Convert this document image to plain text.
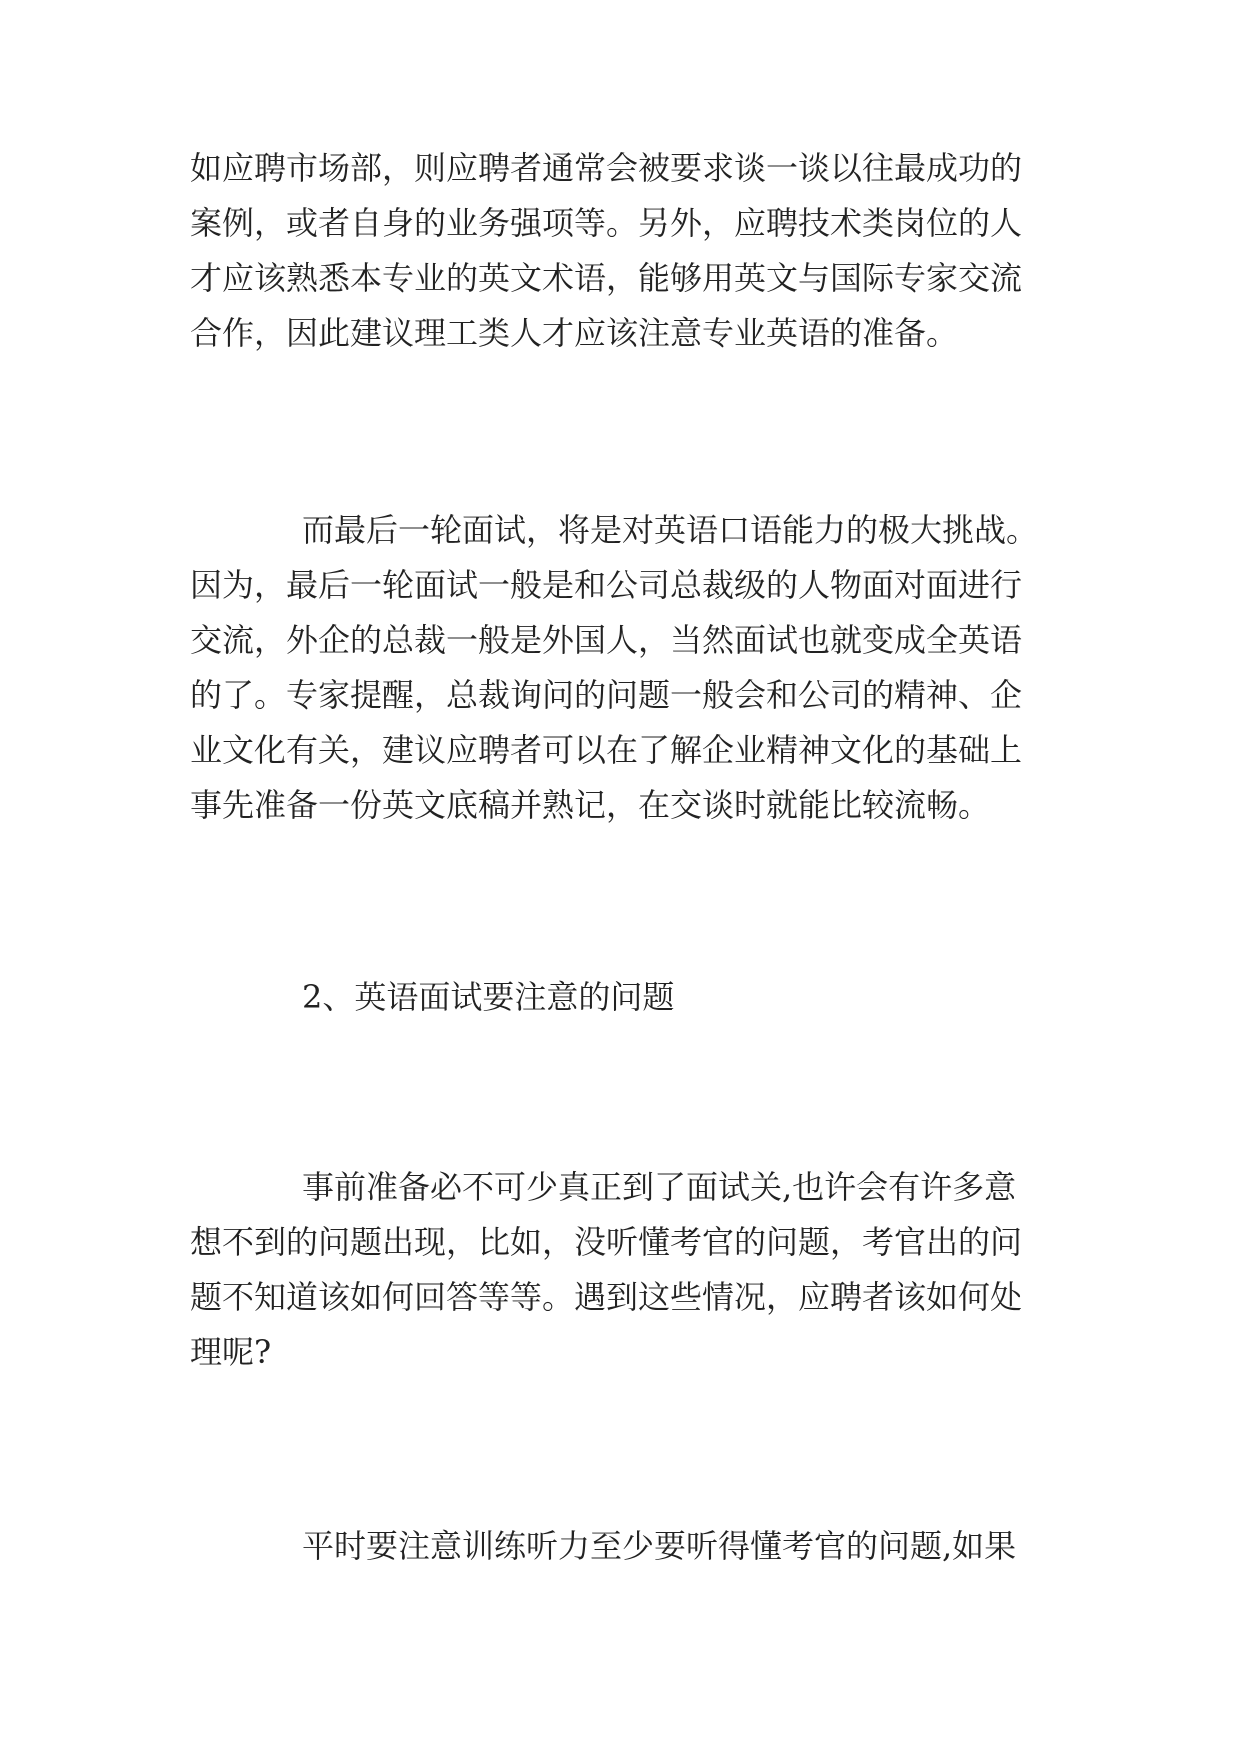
如应聘市场部，则应聘者通常会被要求谈一谈以往最成功的

案例，或者自身的业务强项等。另外，应聘技术类岗位的人

才应该熟悉本专业的英文术语，能够用英文与国际专家交流

合作，因此建议理工类人才应该注意专业英语的准备。

而最后一轮面试，将是对英语口语能力的极大挑战。

因为，最后一轮面试一般是和公司总裁级的人物面对面进行

交流，外企的总裁一般是外国人，当然面试也就变成全英语

的了。专家提醒，总裁询问的问题一般会和公司的精神、企

业文化有关，建议应聘者可以在了解企业精神文化的基础上

事先准备一份英文底稿并熟记，在交谈时就能比较流畅。

2、英语面试要注意的问题

事前准备必不可少真正到了面试关,也许会有许多意

想不到的问题出现，比如，没听懂考官的问题，考官出的问

题不知道该如何回答等等。遇到这些情况，应聘者该如何处

理呢?

平时要注意训练听力至少要听得懂考官的问题,如果
